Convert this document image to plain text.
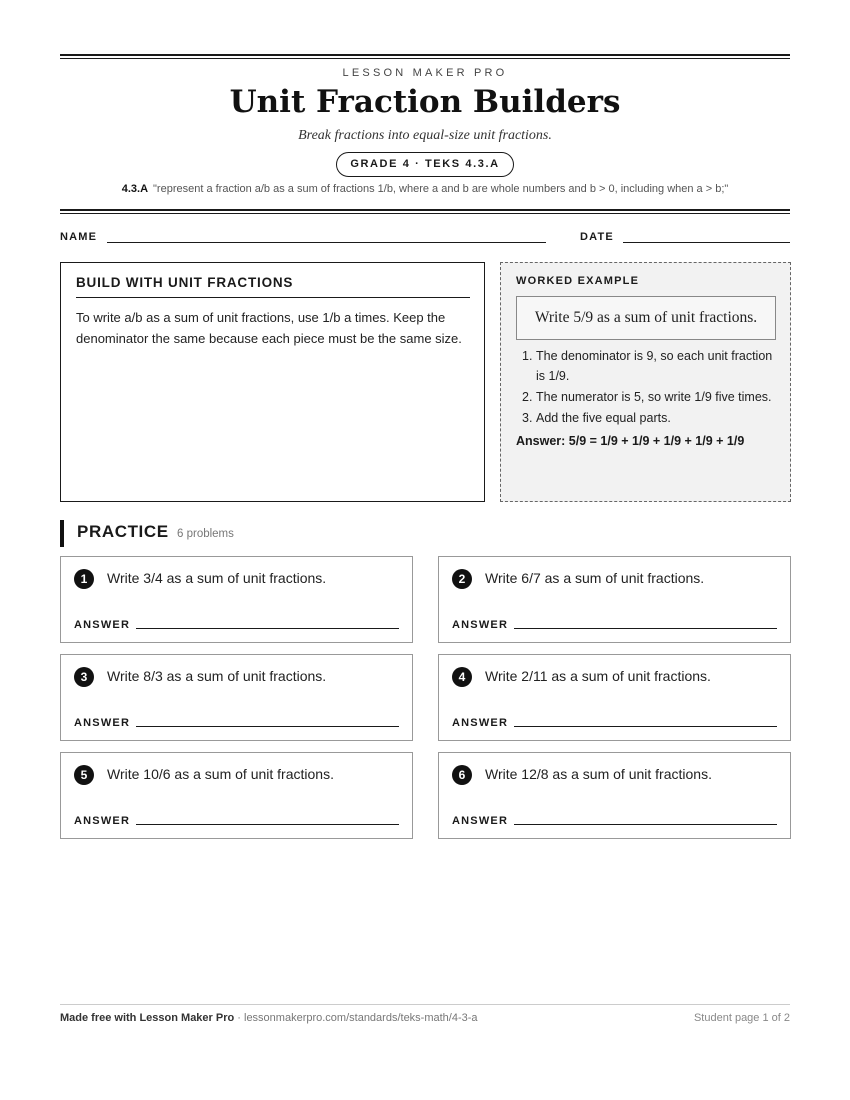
LESSON MAKER PRO
Unit Fraction Builders
Break fractions into equal-size unit fractions.
GRADE 4 · TEKS 4.3.A
4.3.A "represent a fraction a/b as a sum of fractions 1/b, where a and b are whole numbers and b > 0, including when a > b;"
NAME	DATE
BUILD WITH UNIT FRACTIONS
To write a/b as a sum of unit fractions, use 1/b a times. Keep the denominator the same because each piece must be the same size.
WORKED EXAMPLE
Write 5/9 as a sum of unit fractions.
1. The denominator is 9, so each unit fraction is 1/9.
2. The numerator is 5, so write 1/9 five times.
3. Add the five equal parts.
Answer: 5/9 = 1/9 + 1/9 + 1/9 + 1/9 + 1/9
PRACTICE 6 problems
1	Write 3/4 as a sum of unit fractions.
ANSWER
2	Write 6/7 as a sum of unit fractions.
ANSWER
3	Write 8/3 as a sum of unit fractions.
ANSWER
4	Write 2/11 as a sum of unit fractions.
ANSWER
5	Write 10/6 as a sum of unit fractions.
ANSWER
6	Write 12/8 as a sum of unit fractions.
ANSWER
Made free with Lesson Maker Pro · lessonmakerpro.com/standards/teks-math/4-3-a	Student page 1 of 2
